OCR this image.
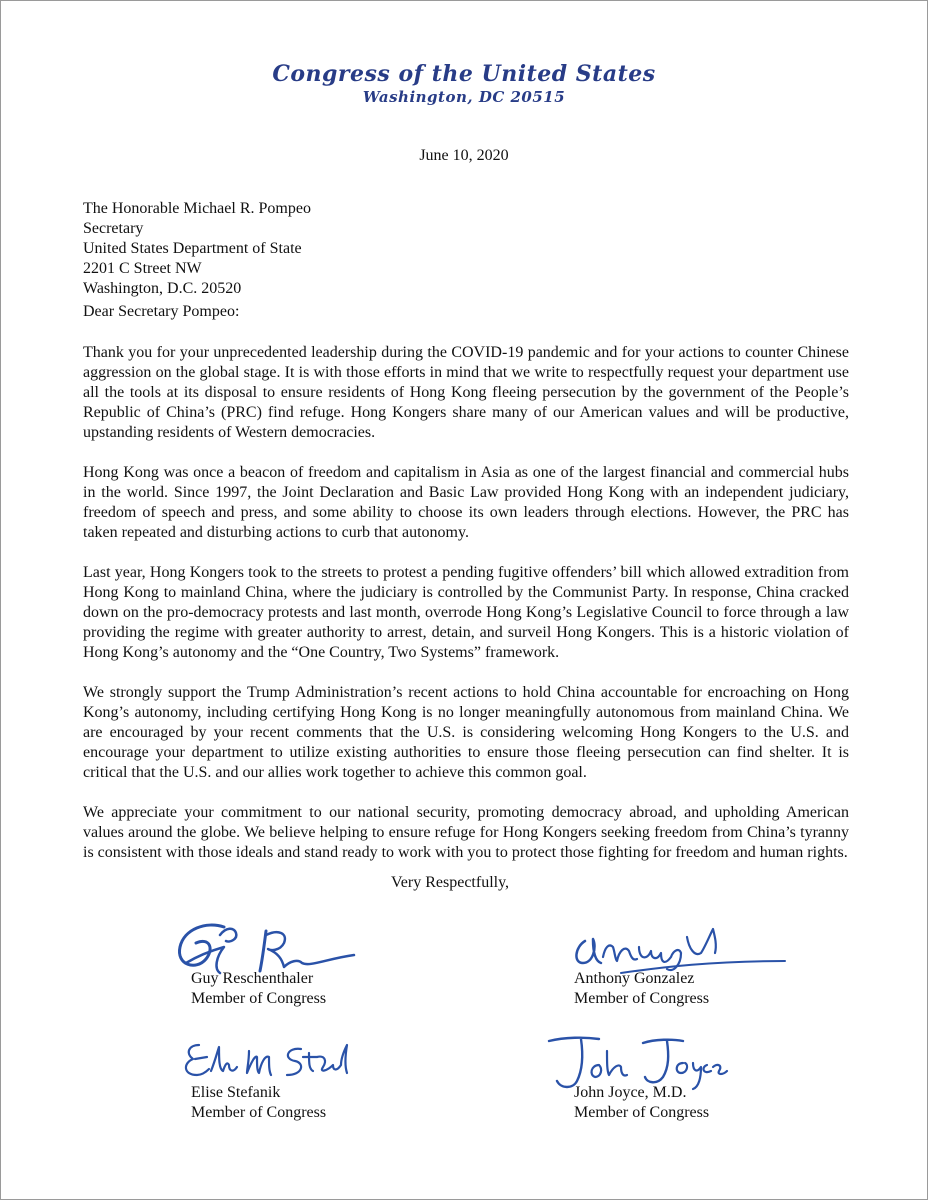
Congress of the United States
Washington, DC 20515
June 10, 2020
The Honorable Michael R. Pompeo
Secretary
United States Department of State
2201 C Street NW
Washington, D.C. 20520
Dear Secretary Pompeo:

Thank you for your unprecedented leadership during the COVID-19 pandemic and for your actions to counter Chinese aggression on the global stage. It is with those efforts in mind that we write to respectfully request your department use all the tools at its disposal to ensure residents of Hong Kong fleeing persecution by the government of the People’s Republic of China’s (PRC) find refuge. Hong Kongers share many of our American values and will be productive, upstanding residents of Western democracies.

Hong Kong was once a beacon of freedom and capitalism in Asia as one of the largest financial and commercial hubs in the world. Since 1997, the Joint Declaration and Basic Law provided Hong Kong with an independent judiciary, freedom of speech and press, and some ability to choose its own leaders through elections. However, the PRC has taken repeated and disturbing actions to curb that autonomy.

Last year, Hong Kongers took to the streets to protest a pending fugitive offenders’ bill which allowed extradition from Hong Kong to mainland China, where the judiciary is controlled by the Communist Party. In response, China cracked down on the pro-democracy protests and last month, overrode Hong Kong’s Legislative Council to force through a law providing the regime with greater authority to arrest, detain, and surveil Hong Kongers. This is a historic violation of Hong Kong’s autonomy and the “One Country, Two Systems” framework.

We strongly support the Trump Administration’s recent actions to hold China accountable for encroaching on Hong Kong’s autonomy, including certifying Hong Kong is no longer meaningfully autonomous from mainland China. We are encouraged by your recent comments that the U.S. is considering welcoming Hong Kongers to the U.S. and encourage your department to utilize existing authorities to ensure those fleeing persecution can find shelter. It is critical that the U.S. and our allies work together to achieve this common goal.

We appreciate your commitment to our national security, promoting democracy abroad, and upholding American values around the globe. We believe helping to ensure refuge for Hong Kongers seeking freedom from China’s tyranny is consistent with those ideals and stand ready to work with you to protect those fighting for freedom and human rights.

Very Respectfully,
Guy Reschenthaler
Member of Congress
Anthony Gonzalez
Member of Congress
Elise Stefanik
Member of Congress
John Joyce, M.D.
Member of Congress
